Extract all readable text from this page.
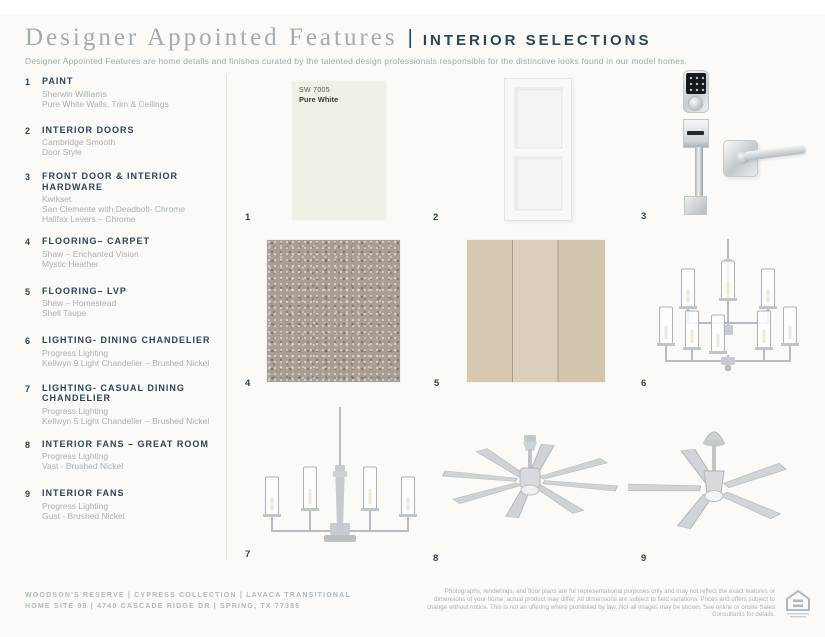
Designer Appointed Features | INTERIOR SELECTIONS

Designer Appointed Features are home details and finishes curated by the talented design professionals responsible for the distinctive looks found in our model homes.

1	PAINT
Sherwin Williams
Pure White Walls, Trim & Ceilings
2	INTERIOR DOORS
Cambridge Smooth
Door Style
3	FRONT DOOR & INTERIOR HARDWARE
Kwikset
San Clemente with Deadbolt- Chrome
Halifax Levers – Chrome
4	FLOORING– CARPET
Shaw – Enchanted Vision
Mystic Heather
5	FLOORING– LVP
Shaw – Homestead
Shell Taupe
6	LIGHTING- DINING CHANDELIER
Progress Lighting
Kellwyn 9 Light Chandelier – Brushed Nickel
7	LIGHTING- CASUAL DINING CHANDELIER
Progress Lighting
Kellwyn 5 Light Chandelier – Brushed Nickel
8	INTERIOR FANS – GREAT ROOM
Progress Lighting
Vast - Brushed Nickel
9	INTERIOR FANS
Progress Lighting
Gust - Brushed Nickel
SW 7005
Pure White
1	2	3
4	5	6
7	8	9
WOODSON'S RESERVE | CYPRESS COLLECTION | LAVACA TRANSITIONAL
HOME SITE 99 | 4740 CASCADE RIDGE DR | SPRING, TX 77386
Photographs, renderings, and floor plans are for representational purposes only and may not reflect the exact features or dimensions of your home; actual product may differ. All dimensions are subject to field variations. Prices and offers subject to change without notice. This is not an offering where prohibited by law. Not all images may be shown. See online or onsite Sales Consultants for details.
